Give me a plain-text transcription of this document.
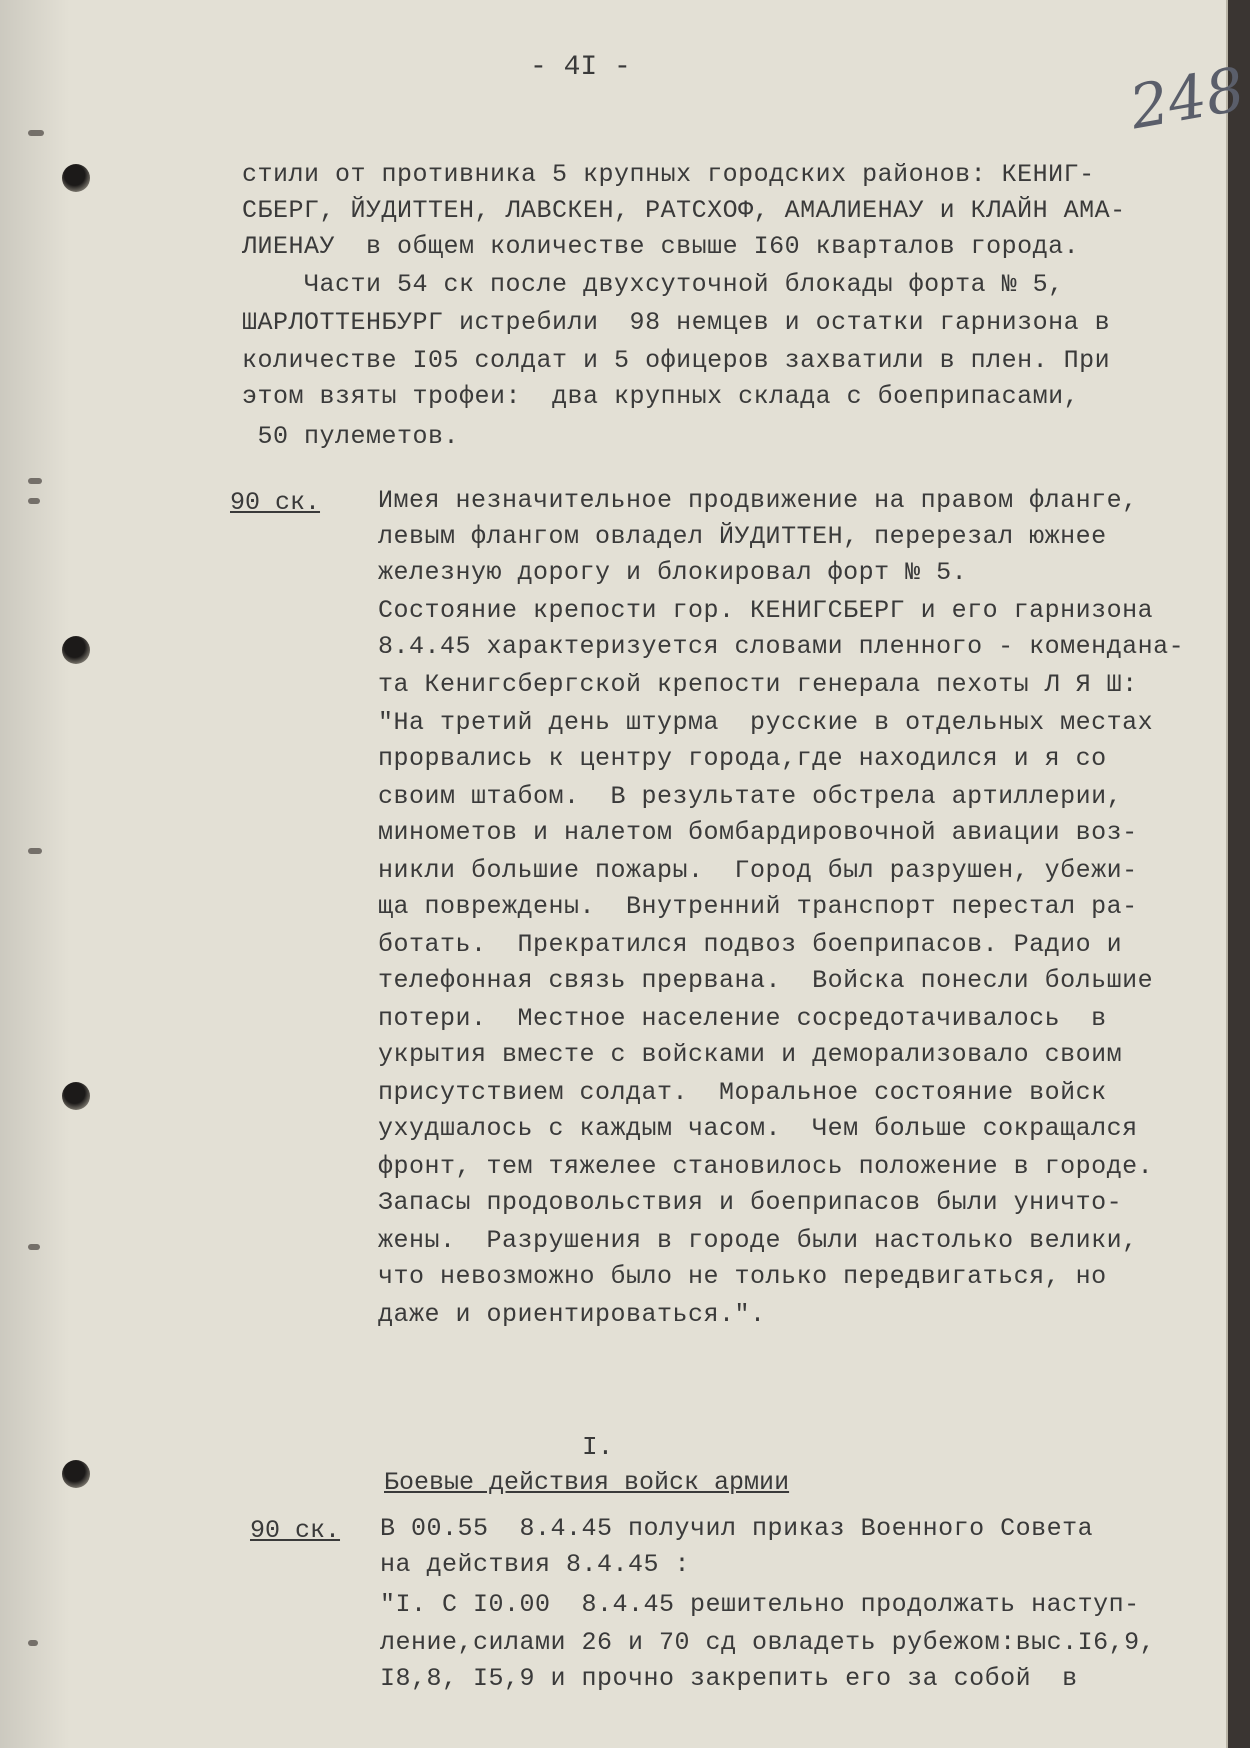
- 4I -	248
стили от противника 5 крупных городских районов: КЕНИГ-
СБЕРГ, ЙУДИТТЕН, ЛАВСКЕН, РАТСХОФ, АМАЛИЕНАУ и КЛАЙН АМА-
ЛИЕНАУ  в общем количестве свыше I60 кварталов города.
Части 54 ск после двухсуточной блокады форта № 5,
ШАРЛОТТЕНБУРГ истребили  98 немцев и остатки гарнизона в
количестве I05 солдат и 5 офицеров захватили в плен. При
этом взяты трофеи:  два крупных склада с боеприпасами,
50 пулеметов.
90 ск. Имея незначительное продвижение на правом фланге,
левым флангом овладел ЙУДИТТЕН, перерезал южнее
железную дорогу и блокировал форт № 5.
Состояние крепости гор. КЕНИГСБЕРГ и его гарнизона
8.4.45 характеризуется словами пленного - коменданa-
та Кенигсбергской крепости генерала пехоты Л Я Ш:
"На третий день штурма  русские в отдельных местах
прорвались к центру города,где находился и я со
своим штабом.  В результате обстрела артиллерии,
минометов и налетом бомбардировочной авиации воз-
никли большие пожары.  Город был разрушен, убежи-
ща повреждены.  Внутренний транспорт перестал ра-
ботать.  Прекратился подвоз боеприпасов. Радио и
телефонная связь прервана.  Войска понесли большие
потери.  Местное население сосредотачивалось  в
укрытия вместе с войсками и деморализовало своим
присутствием солдат.  Моральное состояние войск
ухудшалось с каждым часом.  Чем больше сокращался
фронт, тем тяжелее становилось положение в городе.
Запасы продовольствия и боеприпасов были уничто-
жены.  Разрушения в городе были настолько велики,
что невозможно было не только передвигаться, но
даже и ориентироваться.".
I.
Боевые действия войск армии
90 ск. В 00.55  8.4.45 получил приказ Военного Совета
на действия 8.4.45 :
"I. С I0.00  8.4.45 решительно продолжать наступ-
ление,силами 26 и 70 сд овладеть рубежом:выс.I6,9,
I8,8, I5,9 и прочно закрепить его за собой  в
